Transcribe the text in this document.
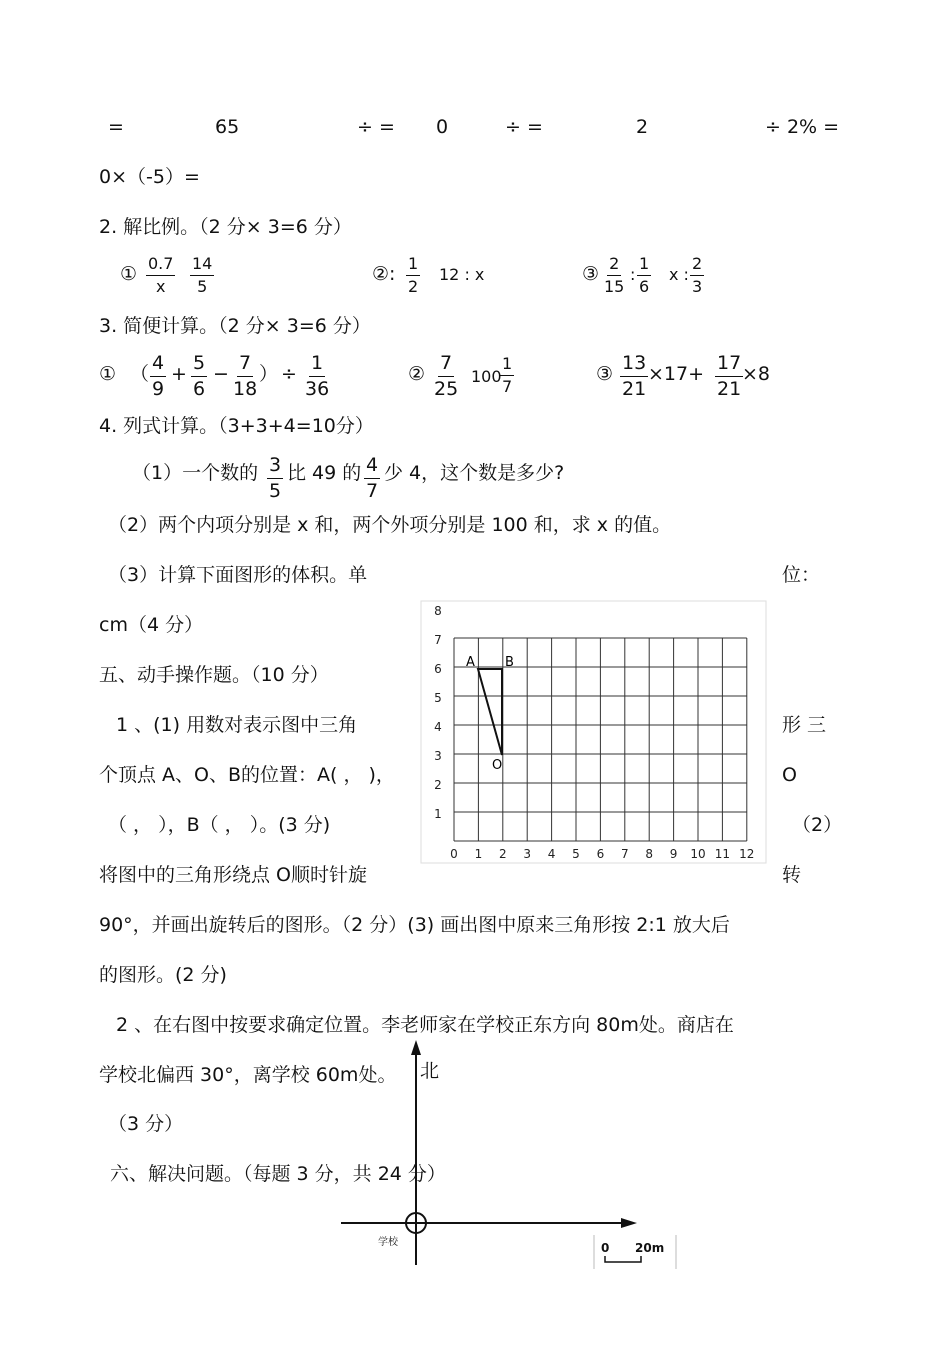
=	65	÷ = 0	÷ =	2	÷ 2% =
0×（-5）=
2. 解比例。（2 分× 3=6 分）
① $\frac{0.7}{x} \frac{14}{5}$	②: $\frac{1}{2} 12$ : x	③ $\frac{2}{15}$ : $\frac{1}{6}$ x : $\frac{2}{3}$
3. 简便计算。（2 分× 3=6 分）
① （ $\frac{4}{9} + \frac{5}{6} - \frac{7}{18}$ ） ÷ $\frac{1}{36}$	② $\frac{7}{25} 100$
$\frac{1}{7}$	③ $\frac{13}{21} \times 17+ \frac{17}{21}$
×8
4. 列式计算。（3+3+4=10分）
（1）一个数的 $\frac{3}{5}$ 比 49 的 $\frac{4}{7}$ 少 4，这个数是多少?
（2）两个内项分别是 x 和，两个外项分别是 100 和，求 x 的值。
（3）计算下面图形的体积。单	位：
cm（4 分）
五、动手操作题。（10 分）
1 、(1) 用数对表示图中三角	形 三
个顶点 A、O、B的位置：A( ， )，	O
（ ， ），B（ ， ）。(3 分)	（2）
将图中的三角形绕点 O顺时针旋	转
90°，并画出旋转后的图形。（2 分）(3) 画出图中原来三角形按 2:1 放大后
的图形。(2 分)
2 、在右图中按要求确定位置。李老师家在学校正东方向 80m处。商店在
学校北偏西 30°，离学校 60m处。
（3 分）
六、解决问题。（每题 3 分，共 24 分）
0 1 2 3 4 5 6 7 8 9 10 11 12
1
2
3
4
5
6
7
8
A B
O
北
学校	0 20m
